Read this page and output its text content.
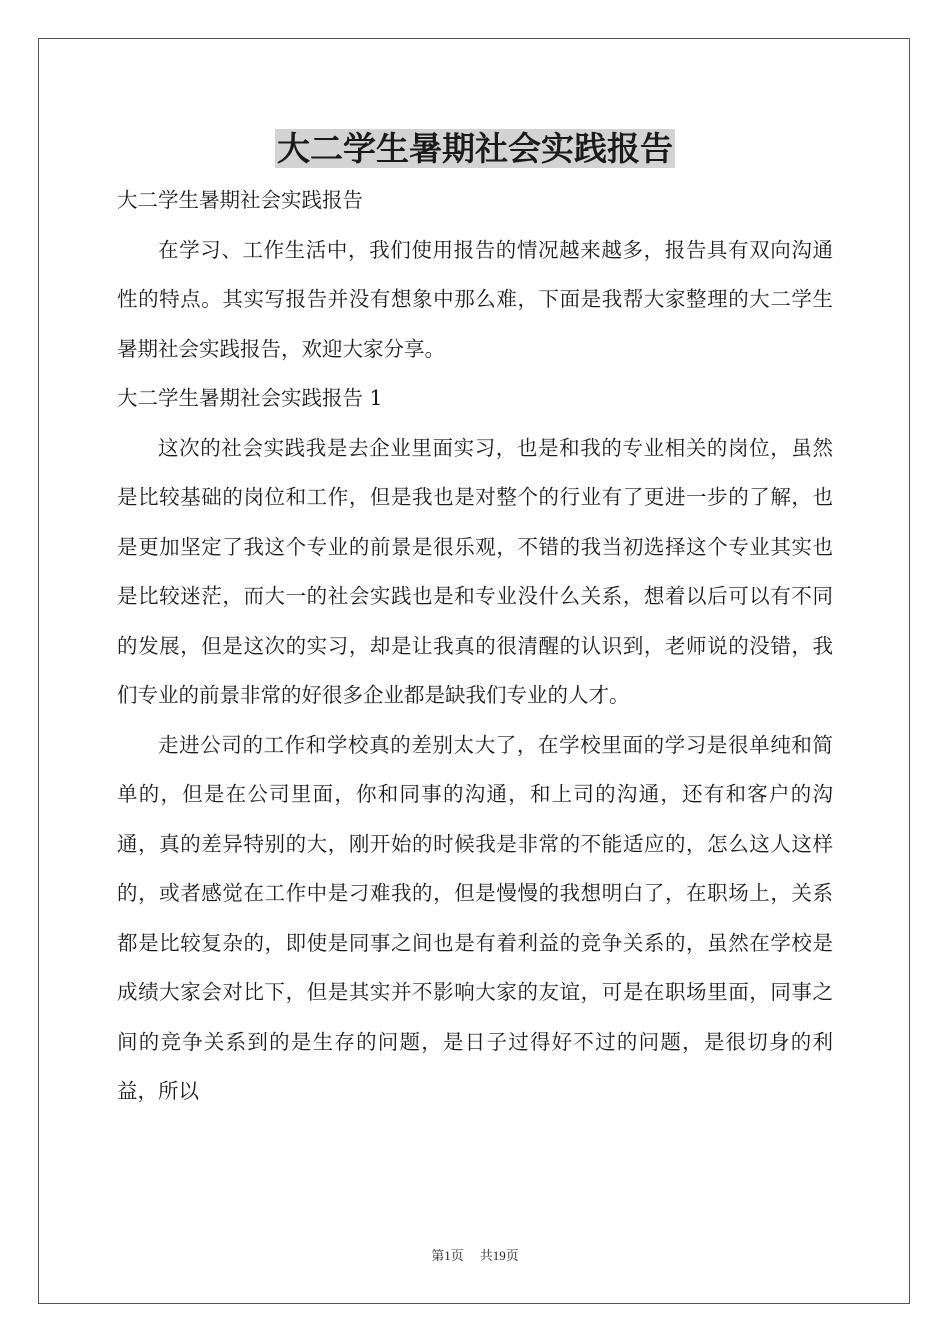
大二学生暑期社会实践报告

大二学生暑期社会实践报告

在学习、工作生活中，我们使用报告的情况越来越多，报告具有双向沟通性的特点。其实写报告并没有想象中那么难，下面是我帮大家整理的大二学生暑期社会实践报告，欢迎大家分享。

大二学生暑期社会实践报告 1

这次的社会实践我是去企业里面实习，也是和我的专业相关的岗位，虽然是比较基础的岗位和工作，但是我也是对整个的行业有了更进一步的了解，也是更加坚定了我这个专业的前景是很乐观，不错的我当初选择这个专业其实也是比较迷茫，而大一的社会实践也是和专业没什么关系，想着以后可以有不同的发展，但是这次的实习，却是让我真的很清醒的认识到，老师说的没错，我们专业的前景非常的好很多企业都是缺我们专业的人才。

走进公司的工作和学校真的差别太大了，在学校里面的学习是很单纯和简单的，但是在公司里面，你和同事的沟通，和上司的沟通，还有和客户的沟通，真的差异特别的大，刚开始的时候我是非常的不能适应的，怎么这人这样的，或者感觉在工作中是刁难我的，但是慢慢的我想明白了，在职场上，关系都是比较复杂的，即使是同事之间也是有着利益的竞争关系的，虽然在学校是成绩大家会对比下，但是其实并不影响大家的友谊，可是在职场里面，同事之间的竞争关系到的是生存的问题，是日子过得好不过的问题，是很切身的利益，所以

第1页 共19页
